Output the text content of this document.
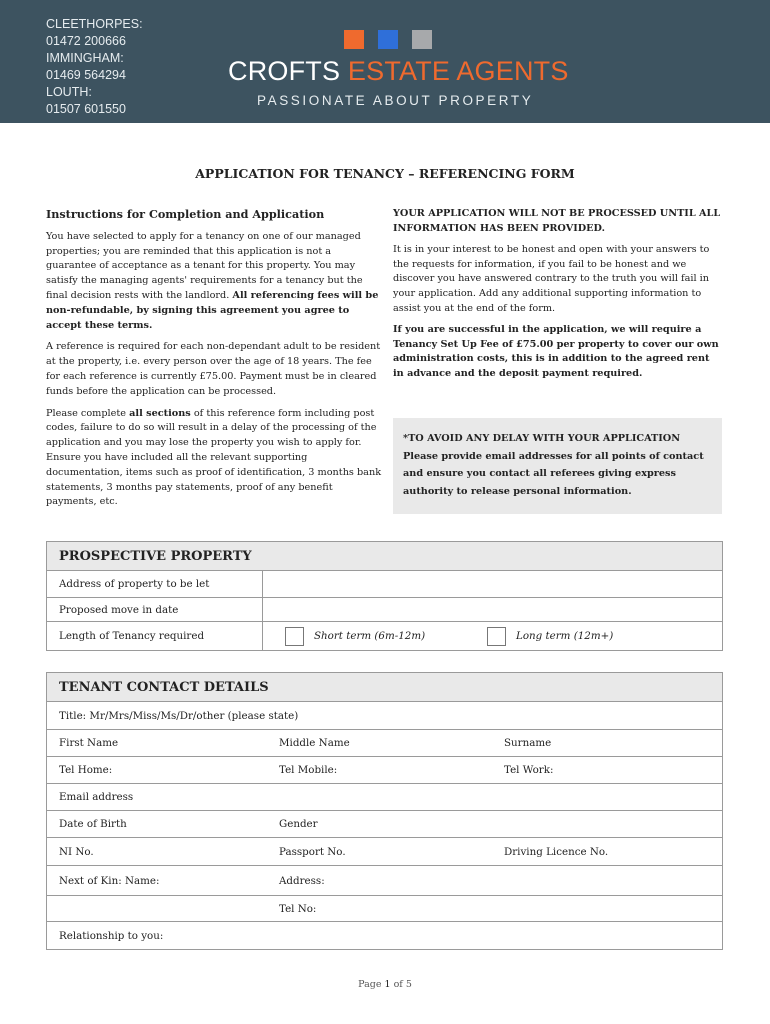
CLEETHORPES:
01472 200666
IMMINGHAM:
01469 564294
LOUTH:
01507 601550
CROFTS ESTATE AGENTS
PASSIONATE ABOUT PROPERTY
APPLICATION FOR TENANCY – REFERENCING FORM
Instructions for Completion and Application

You have selected to apply for a tenancy on one of our managed properties; you are reminded that this application is not a guarantee of acceptance as a tenant for this property. You may satisfy the managing agents' requirements for a tenancy but the final decision rests with the landlord. All referencing fees will be non-refundable, by signing this agreement you agree to accept these terms.

A reference is required for each non-dependant adult to be resident at the property, i.e. every person over the age of 18 years. The fee for each reference is currently £75.00. Payment must be in cleared funds before the application can be processed.

Please complete all sections of this reference form including post codes, failure to do so will result in a delay of the processing of the application and you may lose the property you wish to apply for. Ensure you have included all the relevant supporting documentation, items such as proof of identification, 3 months bank statements, 3 months pay statements, proof of any benefit payments, etc.

YOUR APPLICATION WILL NOT BE PROCESSED UNTIL ALL INFORMATION HAS BEEN PROVIDED.

It is in your interest to be honest and open with your answers to the requests for information, if you fail to be honest and we discover you have answered contrary to the truth you will fail in your application. Add any additional supporting information to assist you at the end of the form.

If you are successful in the application, we will require a Tenancy Set Up Fee of £75.00 per property to cover our own administration costs, this is in addition to the agreed rent in advance and the deposit payment required.

*TO AVOID ANY DELAY WITH YOUR APPLICATION Please provide email addresses for all points of contact and ensure you contact all referees giving express authority to release personal information.
PROSPECTIVE PROPERTY
Address of property to be let
Proposed move in date
Length of Tenancy required	Short term (6m-12m)	Long term (12m+)
TENANT CONTACT DETAILS
Title: Mr/Mrs/Miss/Ms/Dr/other (please state)
First Name	Middle Name	Surname
Tel Home:	Tel Mobile:	Tel Work:
Email address
Date of Birth	Gender
NI No.	Passport No.	Driving Licence No.
Next of Kin: Name:	Address:
Tel No:
Relationship to you:
Page 1 of 5
